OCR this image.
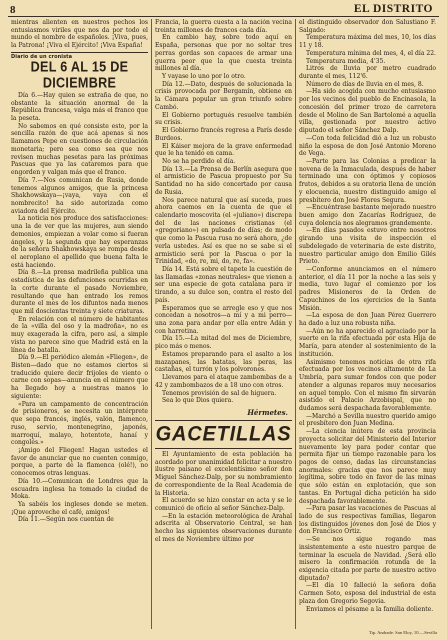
8	EL DISTRITO

mientras alienten en nuestros pechos los entusiasmos viriles que nos da por todo el mundo el nombre de españoles. ¡Viva, pues, la Patrona! ¡Viva el Ejército! ¡Viva España!

Diario de un cronista
DEL 6 AL 15 DE DICIEMBRE

Día 6.—Hay quien se extraña de que, no obstante la situación anormal de la República francesa, valga más el franco que la peseta.

No sabemos en qué consiste esto, por la sencilla razón de que acá apenas si nos llamamos Pepe en cuestiones de circulación monetaria; pero sea como sea que nos revisen muchas pesetas para las próximas Pascuas que ya las cataremos para que engorden y valgan más que el franco.

Día 7.—Nos comunican de Rusia, donde tenemos algunos amigos, que la princesa Shakhowskaya—¡vaya, vaya con el nombrecito! ha sido autorizada como aviadora del Ejército.

La noticia nos produce dos satisfacciones: una la de ver que las mujeres, aun siendo demonios, empiezan a volar como si fueran ángeles, y la segunda que hay esperanzas de la señora Shakhowskaya se rompa desde el aeroplano el apellido que buena falta le está haciendo.

Día 8.—La prensa madrileña publica una estadística de las defunciones ocurridas en la corte durante el pasado Noviembre, resultando que han entrado los remos durante el mes de los difuntos nada menos que mil doscientas treinta y siete criaturas.

En relación con el número de habitantes de la «villa del oso y la madroña», no es muy exagerada la cifra, pero así, a simple vista no parece sino que Madrid está en la línea de batalla.

Día 9.—El periódico alemán «Fliegen», de Bisten—dado que no estamos ciertos si traducido quiere decir frijoles de viento o carne con sopas—anuncia en el número que ha llegado hoy a nuestras manos lo siguiente:

«Para un campamento de concentración de prisioneros, se necesita un intérprete que sepa francés, inglés, valón, flamenco, ruso, servio, montenegrino, japonés, marroquí, malayo, hotentote, hanaí y congolés.»

¡Amigo del Fliegen! Hagan ustedes el favor de anunciar que no cuenten conmigo, porque, a parte de la flamenca (olé!), no conocemos otras lenguas.

Día 10.—Comunican de Londres que la escuadra inglesa ha tomado la ciudad de Moka.

Ya sabéis los ingleses donde se meten. ¡Que aproveche el café, amigos!

Día 11.—Según nos cuentan de

Francia, la guerra cuesta a la nación vecina treinta millones de francos cada día.

En cambio hay, sobre todo aquí en España, personas que por no soltar tres perras gordas son capaces de armar una guerra peor que la que cuesta treinta millones al día.

Y vayase lo uno por lo otro.

Día 12.—Dato, después de solucionada la crisis provocada por Bergamín, obtiene en la Cámara popular un gran triunfo sobre Cambó.

El Gobierno portugués resuelve también su crisis.

El Gobierno francés regresa a París desde Burdeos.

El Káiser mejora de la grave enfermedad que le ha tenido en cama.

No se ha perdido el día.

Día 13.—La Prensa de Berlín asegura que el armisticio de Pascua propuesto por Su Santidad no ha sido concertado por causa de Rusia.

Nos parece natural que así suceda, pues ahora caemos en la cuenta de que el calendario moscovita (el «juliano») discrepa del de las naciones cristianas (el «gregoriano») en pulsado de días; de modo que como la Pascua rusa no será ahora, ¿de verla ustedes. Así es que no se sabe si el armisticio será por la Pascua o por la Trinidad, «do, re, mi, do, re, fa».

Día 14. Está sobre el tapete la cuestión de las llamadas «zonas neutrales» que vienen a ser una especie de gota catalana para ir tirando, a su dulce son, contra el resto del país.

Esperamos que se arregle eso y que nos concedan a nosotros—a mí y a mi perro—una zona para andar por ella entre Adán y con harretina.

Día 15.—La mitad del mes de Diciembre, pico más o menos.

Estamos preparando para el asalto a los mazapanes, las batatas, las peras, las castañas, el turrón y los polvorones.

Llevamos para el ataque zambombas de a 42 y zambombazos de a 18 uno con otros.

Tenemos provisión de sal de higuera.

Sea lo que Dios quiera.

Hérmetes.
GACETILLAS

El Ayuntamiento de esta población ha acordado por unanimidad felicitar a nuestro ilustre paisano el excelentísimo señor don Miguel Sánchez-Dalp, por su nombramiento de correspondiente de la Real Academia de la Historia.

El acuerdo se hizo constar en acta y se le comunicó de oficio al señor Sánchez-Dalp.

—En la estación meteorológica de Arahal adscrita al Observatorio Central, se han hecho las siguientes observaciones durante el mes de Noviembre último por

el distinguido observador don Salustiano F. Salgado:

Temperatura máxima del mes, 10, los días 11 y 18.

Temperatura mínima del mes, 4, el día 22.

Temperatura media, 4'35.

Litros de lluvia por metro cuadrado durante el mes, 112'6.

Número de días de lluvia en el mes, 8.

—Ha sido acogida con mucho entusiasmo por los vecinos del pueblo de Encinasola, la concesión del primer trozo de carretera desde el Molino de San Bartolomé a aquella villa, gestionada por nuestro activo diputado el señor Sánchez Dalp.

—Con toda felicidad dió a luz un robusto niño la esposa de don José Antonio Moreno de Vega.

—Parte para las Colonias a predicar la novena de la Inmaculada, después de haber terminado una con óptimos y copiosos frutos, debidos a su oratoria llena de unción y elocuencia, nuestro distinguido amigo el presbítero don José Flores Segura.

—Encuéntrase bastante mejorado nuestro buen amigo don Zacarías Rodríguez, de cuya dolencia nos alegramos grandemente.

—En días pasados estuvo entre nosotros girando una visita de inspección el subdelegado de veterinaria de este distrito, nuestro particular amigo don Emilio Gilés Prieto.

—Conforme anunciamos en el número anterior, el día 11 por la noche a las seis y media, tuvo lugar el comienzo por los padres Misioneros de la Orden de Capuchinos de los ejercicios de la Santa Misión.

—La esposa de don Juan Pérez Guerrero ha dado a luz una robusta niña.

—Aún no ha aparecido el agraciado por la suerte en la rifa efectuada por esta Hija de María, para atender al sostenimiento de la institución.

Asimismo tenemos noticias de otra rifa efectuada por los vecinos altamente de La Umbría, para sumar fondos con que poder atender a algunas reparos muy necesarios en aquel templo. Con el mismo fin sirvarán asistido el Palacio Arzobispal, que no dudamos será despachada favorablemente.

—Marchó a Sevilla nuestro querido amigo el presbítero don Juan Medina.

—La ciencia inútera de esta provincia proyecta solicitar del Ministerio del Interior nuevamente ley para poder contar que permita fijar un tiempo razonable para los pagos de censo, dadas las circunstancias anormales: gracias que nos parece muy legítima, sobre todo en favor de las minas que sólo están en explotación, que son tantas. En Portugal dicha petición ha sido despachada favorablemente.

—Para pasar las vacaciones de Pascuas al lado de sus respectivas familias, llegaron los distinguidos jóvenes don José de Dios y don Francisco Ortiz.

—Se nos sigue rogando mas insistentemente a este nuestro parque de terminar la escuela de Navidad. ¿Será ello misero la confirmación rotunda de la exigencia citada por parte de nuestro activo diputado?

—El día 10 falleció la señora doña Carmen Soto, esposa del industrial de esta plaza don Gregorio Segovia.

Enviamos el pésame a la familia doliente.

Tip. Andrade. San Eloy, 10.—Sevilla
